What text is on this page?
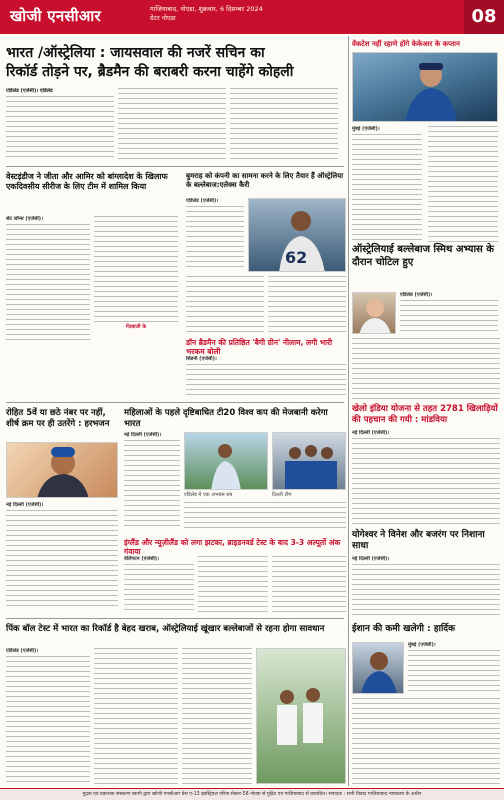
खोजी एनसीआर	गाजियाबाद, नोएडा, शुक्रवार, 6 दिसम्बर 2024
ग्रेटर नोएडा	08
भारत /ऑस्ट्रेलिया : जायसवाल की नजरें सचिन का
रिकॉर्ड तोड़ने पर, ब्रैडमैन की बराबरी करना चाहेंगे कोहली
एडिलेड (एजेंसी)। एडिलेड
वेंकटेश नहीं रहाणे होंगे केकेआर के कप्तान
मुंबई (एजेंसी)।
ऑस्ट्रेलियाई बल्लेबाज स्मिथ अभ्यास के दौरान चोटिल हुए
एडिलेड (एजेंसी)।
वेस्टइंडीज ने जीता और आमिर को बांग्लादेश के खिलाफ एकदिवसीय सीरीज के लिए टीम में शामिल किया
सेंट जॉन्स (एजेंसी)।
गेंदबाजी के
बुमराह को कंपनी का सामना करने के लिए तैयार हैं ऑस्ट्रेलिया के बल्लेबाज:एलेक्स कैरी
एडिलेड (एजेंसी)।
62
डॉन ब्रैडमैन की प्रतिष्ठित 'बैगी ग्रीन' नीलाम, लगी भारी भरकम बोली
सिडनी (एजेंसी)।
रोहित 5वें या छठे नंबर पर नहीं, शीर्ष क्रम पर ही उतरेंगे : हरभजन
नई दिल्ली (एजेंसी)।
महिलाओं के पहले दृष्टिबाधित टी20 विश्व कप की मेजबानी करेगा भारत
नई दिल्ली (एजेंसी)।
एडिलेड में एक अभ्यास सत्र	दिल्ली टीम
इंग्लैंड और न्यूज़ीलैंड को लगा झटका, ब्राइडनवर्ड टेस्ट के बाद 3-3 अल्पूर्तो अंक गंवाया
वेलिंगटन (एजेंसी)।
खेलो इंडिया योजना से तहत 2781 खिलाड़ियों की पहचान की गयी : मांडविया
नई दिल्ली (एजेंसी)।
योगेश्वर ने विनेश और बजरंग पर निशाना साधा
नई दिल्ली (एजेंसी)।
पिंक बॉल टेस्ट में भारत का रिकॉर्ड है बेहद खराब, ऑस्ट्रेलियाई खूंखार बल्लेबाजों से रहना होगा सावधान
एडिलेड (एजेंसी)।
ईशान की कमी खलेगी : हार्दिक
मुंबई (एजेंसी)।
मुद्रक एवं प्रकाशक संस्करण स्वामी द्वारा खोजी एनसीआर प्रेस ए-13 इंडस्ट्रियल एरिया सेक्टर-58 नोएडा से मुद्रित एवं गाजियाबाद से प्रकाशित। संपादक : सभी विवाद गाजियाबाद न्यायालय के अधीन
